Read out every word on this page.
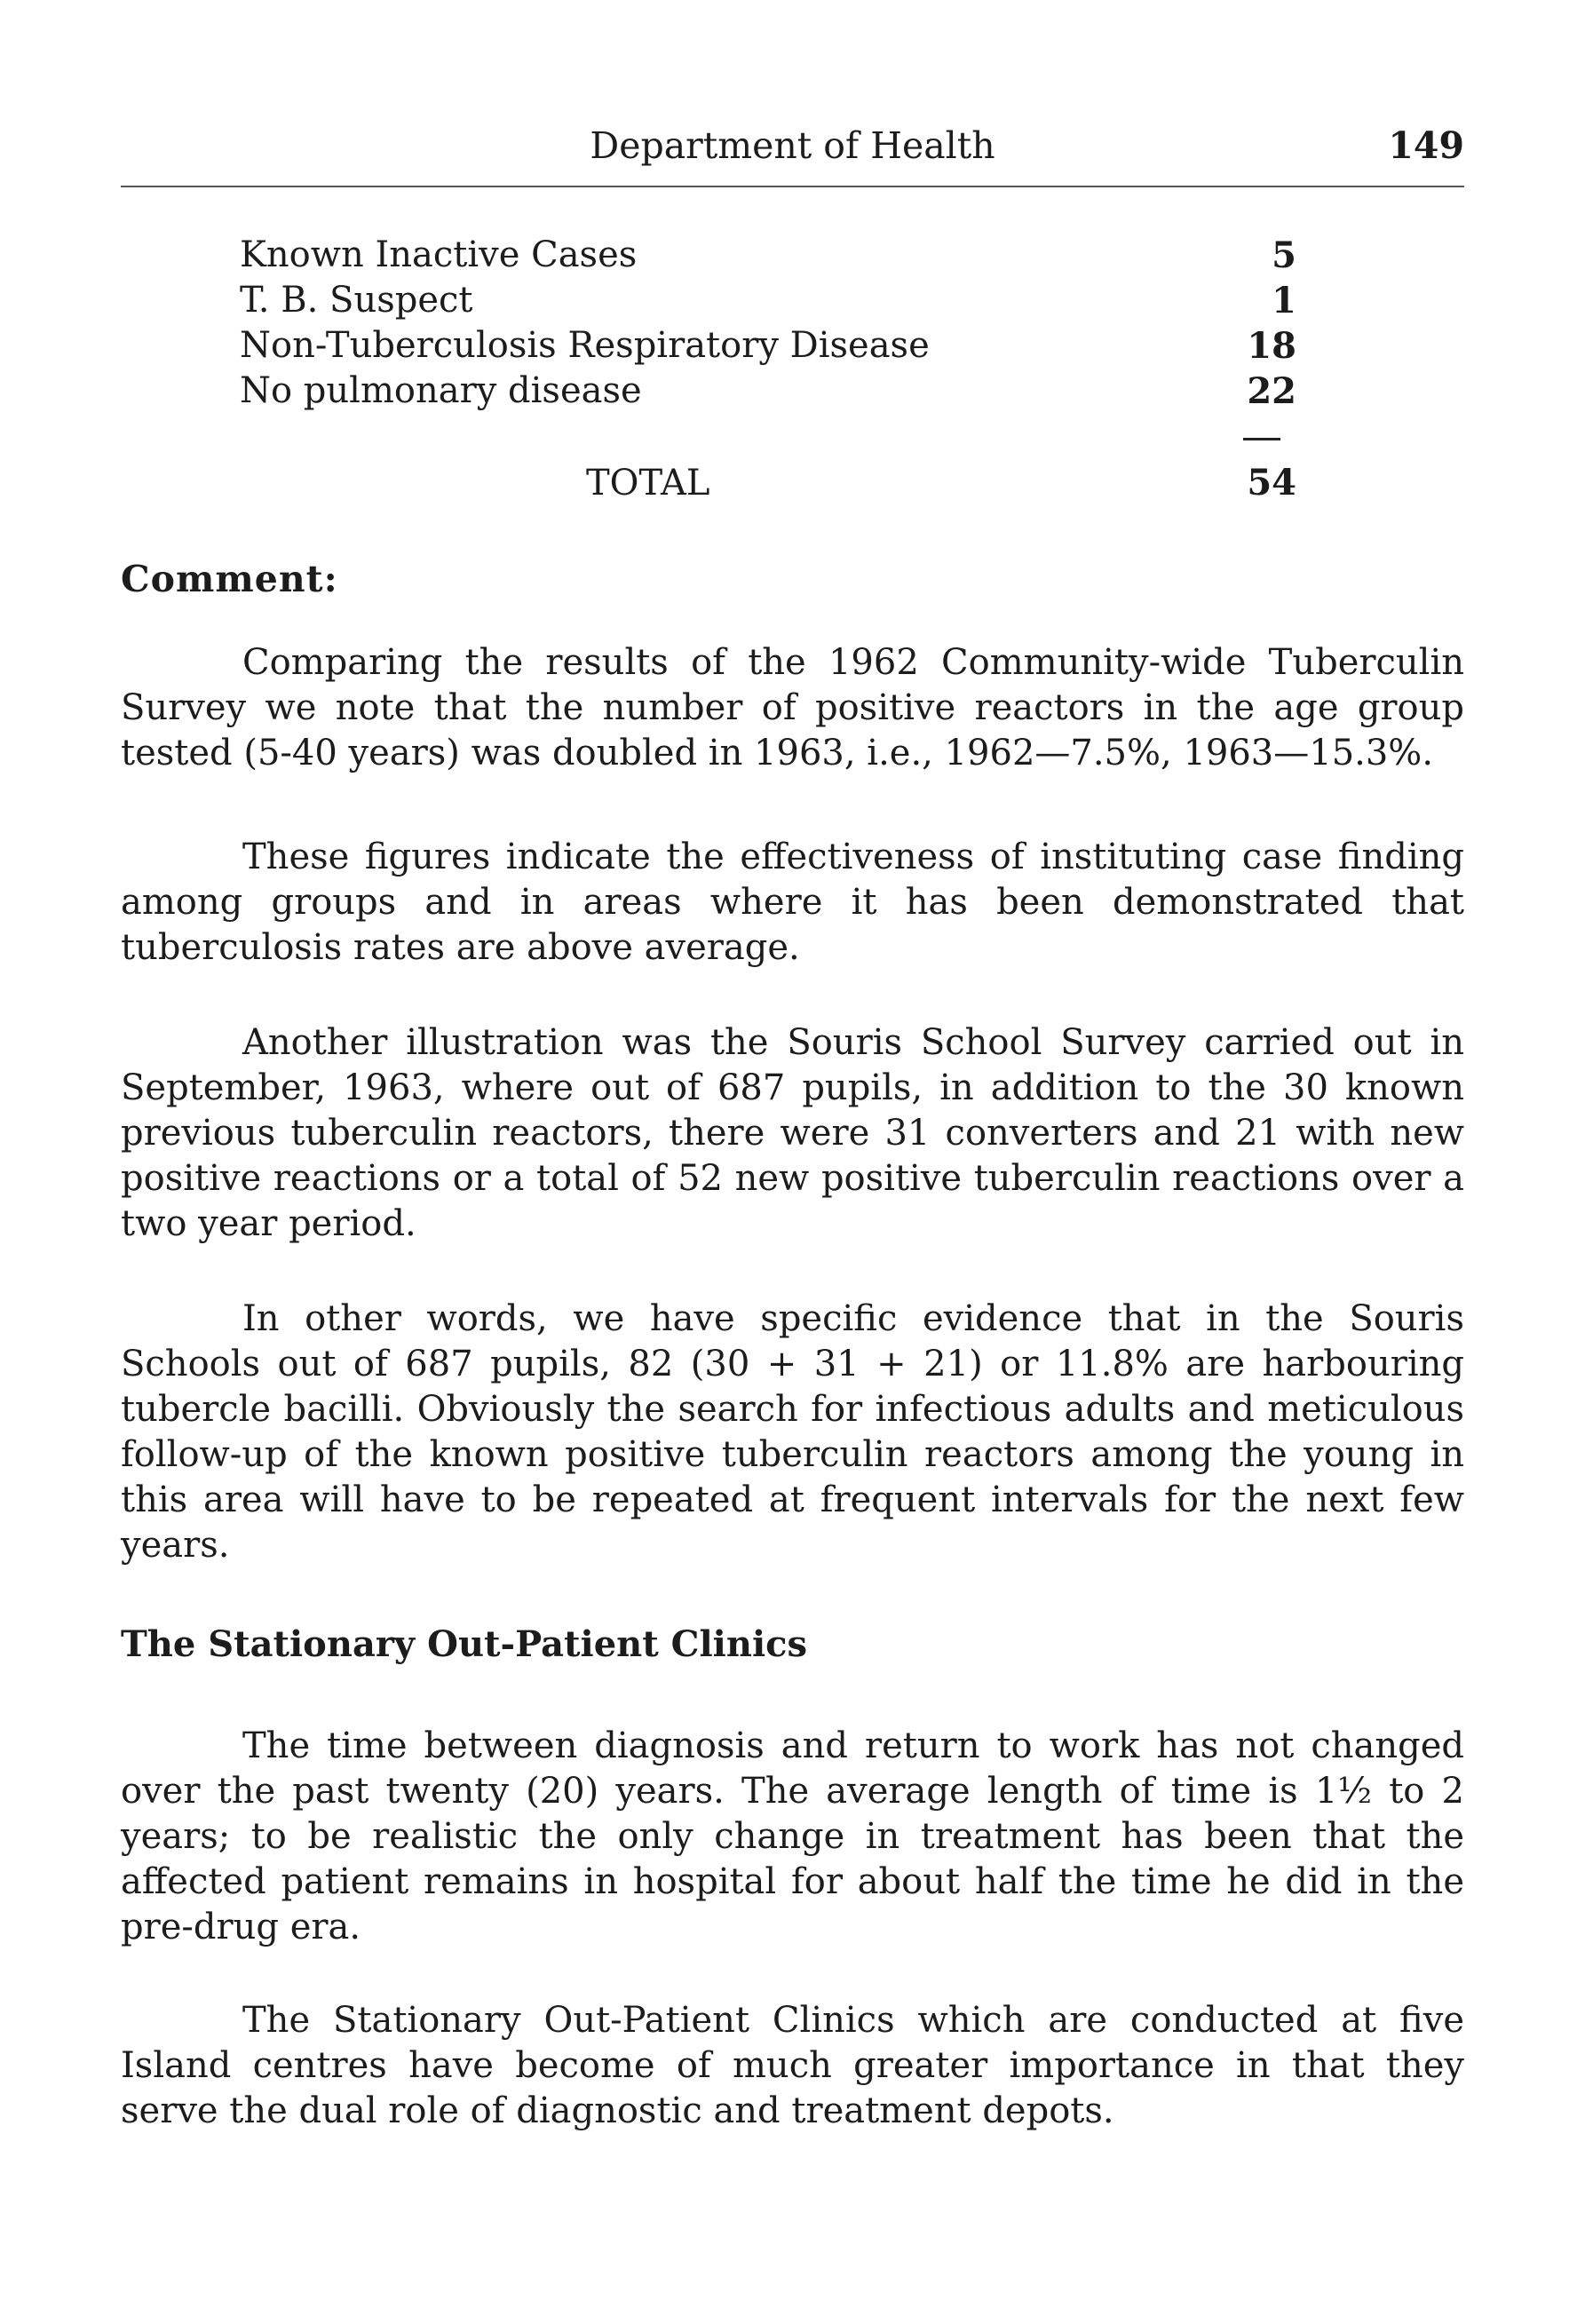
Department of Health	149
Known Inactive Cases	5
T. B. Suspect	1
Non-Tuberculosis Respiratory Disease	18
No pulmonary disease	22
TOTAL	54
Comment:

Comparing the results of the 1962 Community-wide Tuberculin Survey we note that the number of positive reactors in the age group tested (5-40 years) was doubled in 1963, i.e., 1962—7.5%, 1963—15.3%.

These figures indicate the effectiveness of instituting case finding among groups and in areas where it has been demonstrated that tuberculosis rates are above average.

Another illustration was the Souris School Survey carried out in September, 1963, where out of 687 pupils, in addition to the 30 known previous tuberculin reactors, there were 31 converters and 21 with new positive reactions or a total of 52 new positive tuberculin reactions over a two year period.

In other words, we have specific evidence that in the Souris Schools out of 687 pupils, 82 (30 + 31 + 21) or 11.8% are harbouring tubercle bacilli. Obviously the search for infectious adults and meticulous follow-up of the known positive tuberculin reactors among the young in this area will have to be repeated at frequent intervals for the next few years.

The Stationary Out-Patient Clinics

The time between diagnosis and return to work has not changed over the past twenty (20) years. The average length of time is 1½ to 2 years; to be realistic the only change in treatment has been that the affected patient remains in hospital for about half the time he did in the pre-drug era.

The Stationary Out-Patient Clinics which are conducted at five Island centres have become of much greater importance in that they serve the dual role of diagnostic and treatment depots.
